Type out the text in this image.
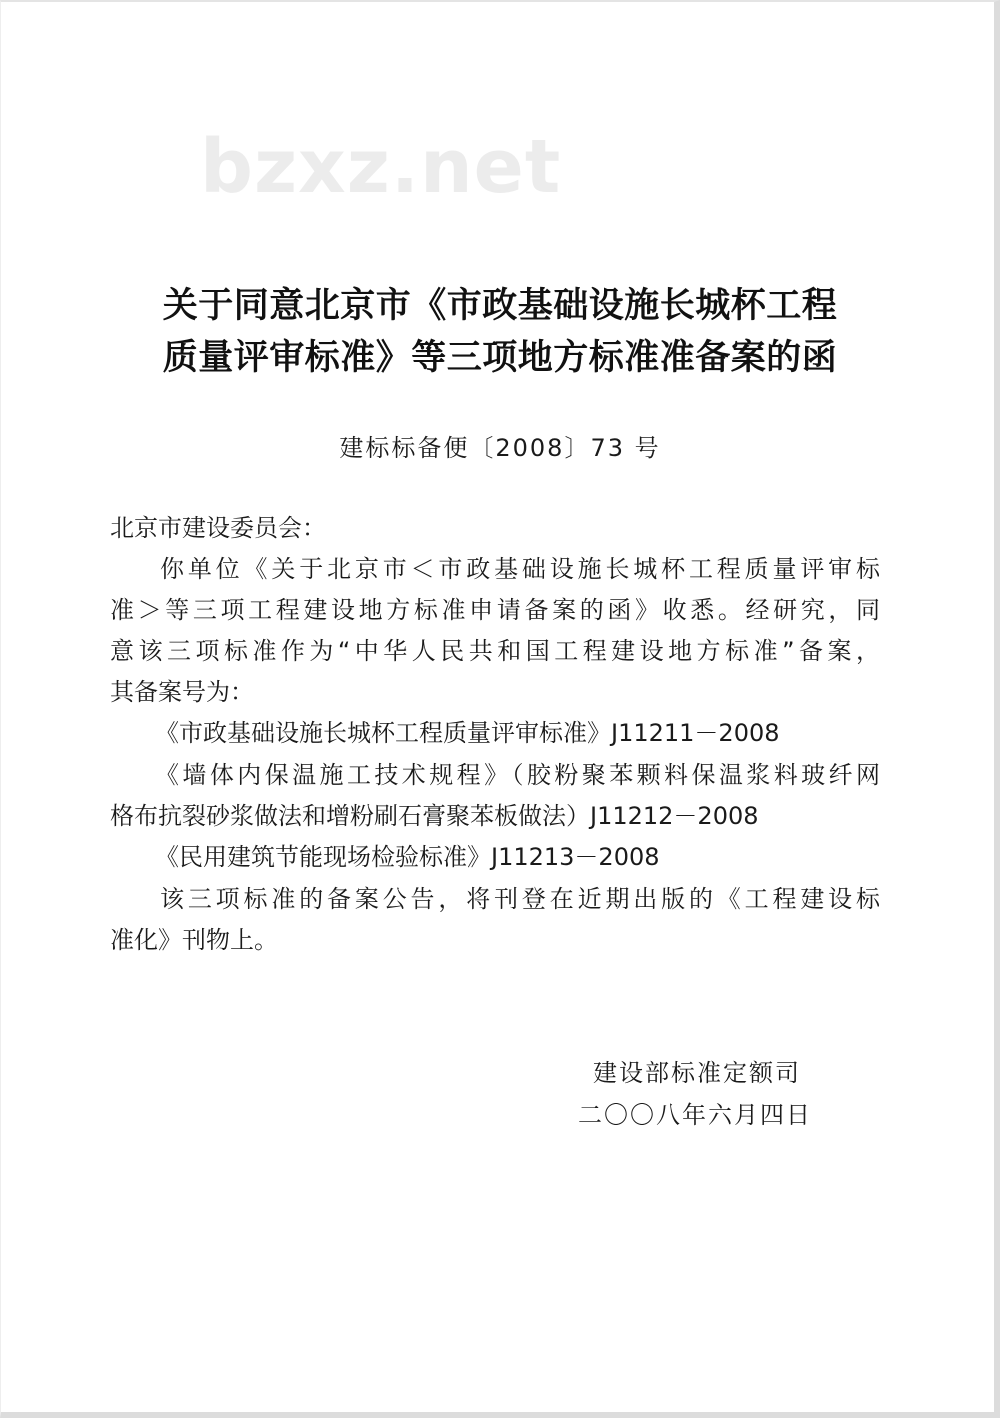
bzxz.net
关于同意北京市《市政基础设施长城杯工程
质量评审标准》等三项地方标准准备案的函
建标标备便〔2008〕73 号
北京市建设委员会：
你单位《关于北京市＜市政基础设施长城杯工程质量评审标
准＞等三项工程建设地方标准申请备案的函》收悉。经研究，同
意该三项标准作为“中华人民共和国工程建设地方标准”备案，
其备案号为：
《市政基础设施长城杯工程质量评审标准》J11211－2008
《墙体内保温施工技术规程》（胶粉聚苯颗料保温浆料玻纤网
格布抗裂砂浆做法和增粉刷石膏聚苯板做法）J11212－2008
《民用建筑节能现场检验标准》J11213－2008
该三项标准的备案公告，将刊登在近期出版的《工程建设标
准化》刊物上。
建设部标准定额司
二〇〇八年六月四日
